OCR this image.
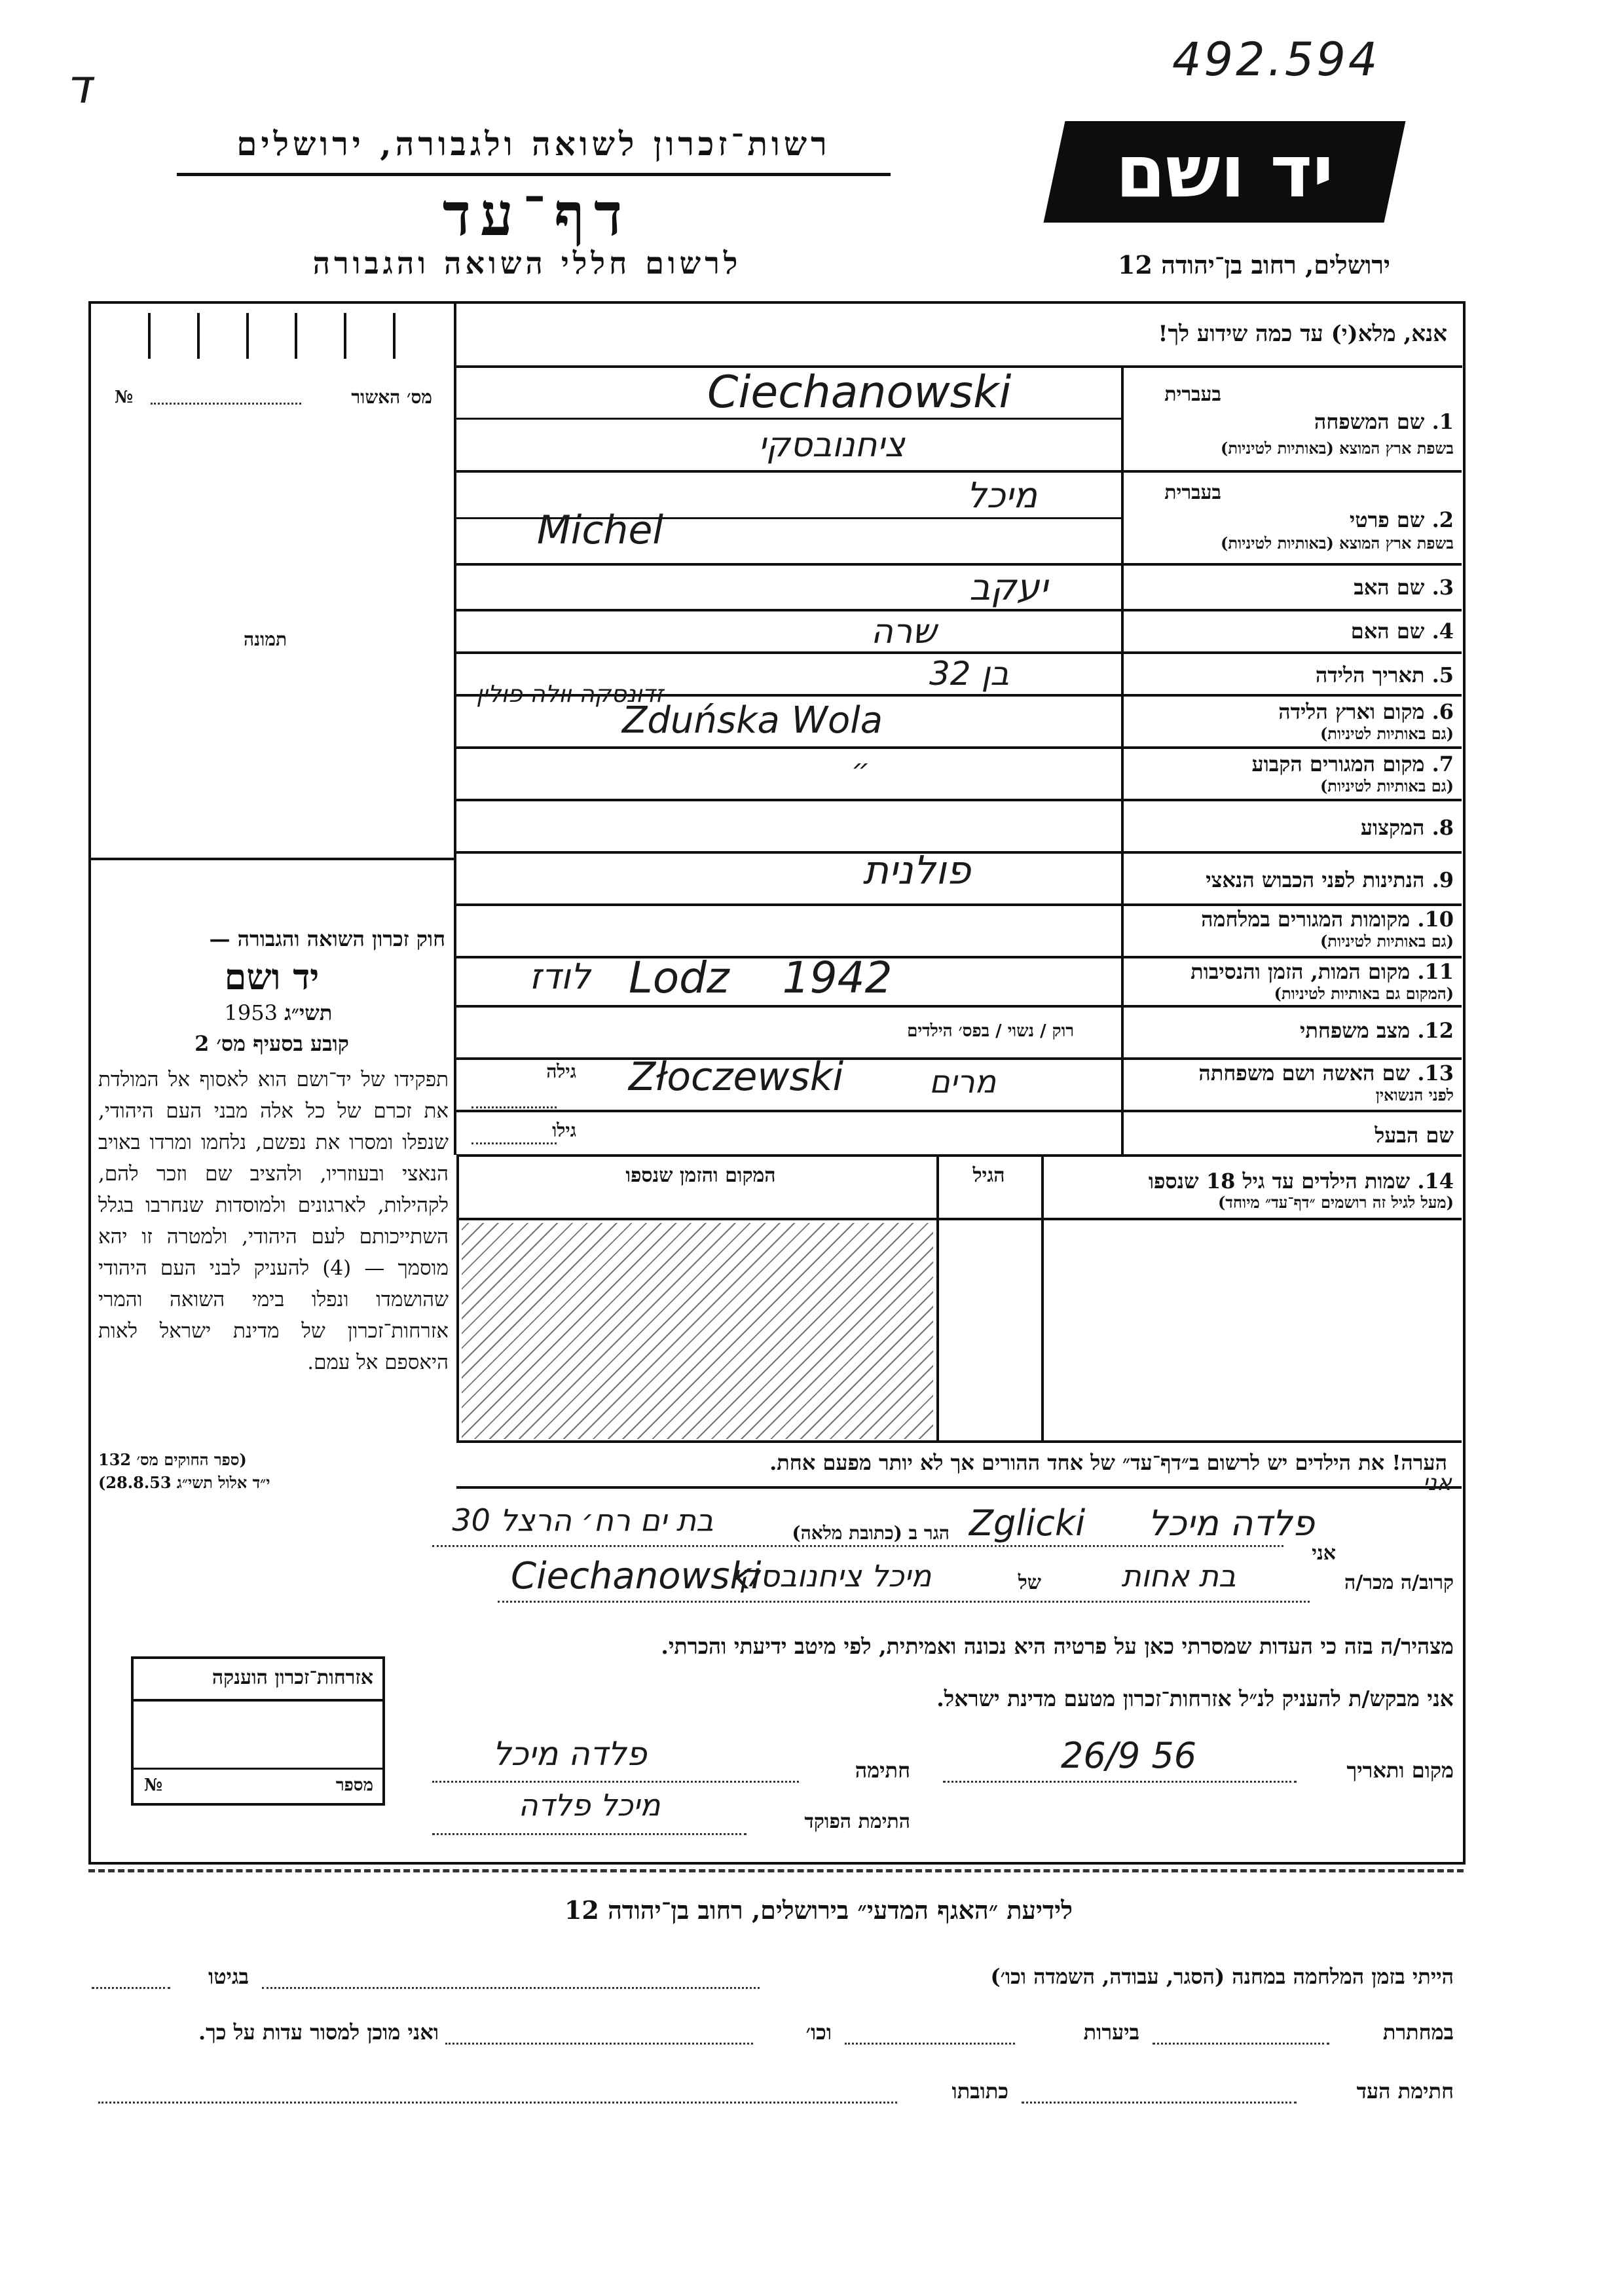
ד	492.594
רשות־זכרון לשואה ולגבורה, ירושלים
דף־עד
לרשום חללי השואה והגבורה
יד ושם
ירושלים, רחוב בן־יהודה 12
מס׳ האשור
№
תמונה
אנא, מלא(י) עד כמה שידוע לך!
בעברית
1. שם המשפחה
בשפת ארץ המוצא (באותיות לטיניות)
Ciechanowski
ציחנובסקי
בעברית
2. שם פרטי
בשפת ארץ המוצא (באותיות לטיניות)
Michel
מיכל
3. שם האב
יעקב
4. שם האם
שרה
5. תאריך הלידה
בן 32
6. מקום וארץ הלידה
(גם באותיות לטיניות)
Zduńska Wola
זדונסקה וולה פולין
7. מקום המגורים הקבוע
(גם באותיות לטיניות)
״
8. המקצוע
9. הנתינות לפני הכבוש הנאצי
פולנית
10. מקומות המגורים במלחמה
(גם באותיות לטיניות)
11. מקום המות, הזמן והנסיבות
(המקום גם באותיות לטיניות)
Lodz 1942
לודז
12. מצב משפחתי
רוק / נשוי / בפס׳ הילדים
13. שם האשה ושם משפחתה
לפני הנשואין
גילה Złoczewski	מרים
שם הבעל
גילו
14. שמות הילדים עד גיל 18 שנספו
(מעל לגיל זה רושמים ״דף־עד״ מיוחד)
הגיל
המקום והזמן שנספו
הערה! את הילדים יש לרשום ב״דף־עד״ של אחד ההורים אך לא יותר מפעם אחת.
חוק זכרון השואה והגבורה —
יד ושם
תשי״ג 1953
קובע בסעיף מס׳ 2
תפקידו של יד־ושם הוא לאסוף אל המולדת את זכרם של כל אלה מבני העם היהודי, שנפלו ומסרו את נפשם, נלחמו ומרדו באויב הנאצי ובעוזריו, ולהציב שם וזכר להם, לקהילות, לארגונים ולמוסדות שנחרבו בגלל השתייכותם לעם היהודי, ולמטרה זו יהא מוסמך — (4) להעניק לבני העם היהודי שהושמדו ונפלו בימי השואה והמרי אזרחות־זכרון של מדינת ישראל לאות היאספם אל עמם.
(ספר החוקים מס׳ 132
י״ד אלול תשי״ג 28.8.53)	אני
אני
פלדה מיכל
Zglicki
הגר ב (כתובת מלאה)
בת ים רח׳ הרצל 30
קרוב/ה מכר/ה
בת אחות
של
מיכל ציחנובסקי
Ciechanowski
מצהיר/ה בזה כי העדות שמסרתי כאן על פרטיה היא נכונה ואמיתית, לפי מיטב ידיעתי והכרתי.
אני מבקש/ת להעניק לנ״ל אזרחות־זכרון מטעם מדינת ישראל.
מקום ותאריך
26/9 56
חתימה
פלדה מיכל
התימת הפוקד
מיכל פלדה
אזרחות־זכרון הוענקה
מספר
№
לידיעת ״האגף המדעי״ בירושלים, רחוב בן־יהודה 12
הייתי בזמן המלחמה במחנה (הסגר, עבודה, השמדה וכו׳)
בגיטו
במחתרת
ביערות
וכו׳
ואני מוכן למסור עדות על כך.
חתימת העד
כתובתו
